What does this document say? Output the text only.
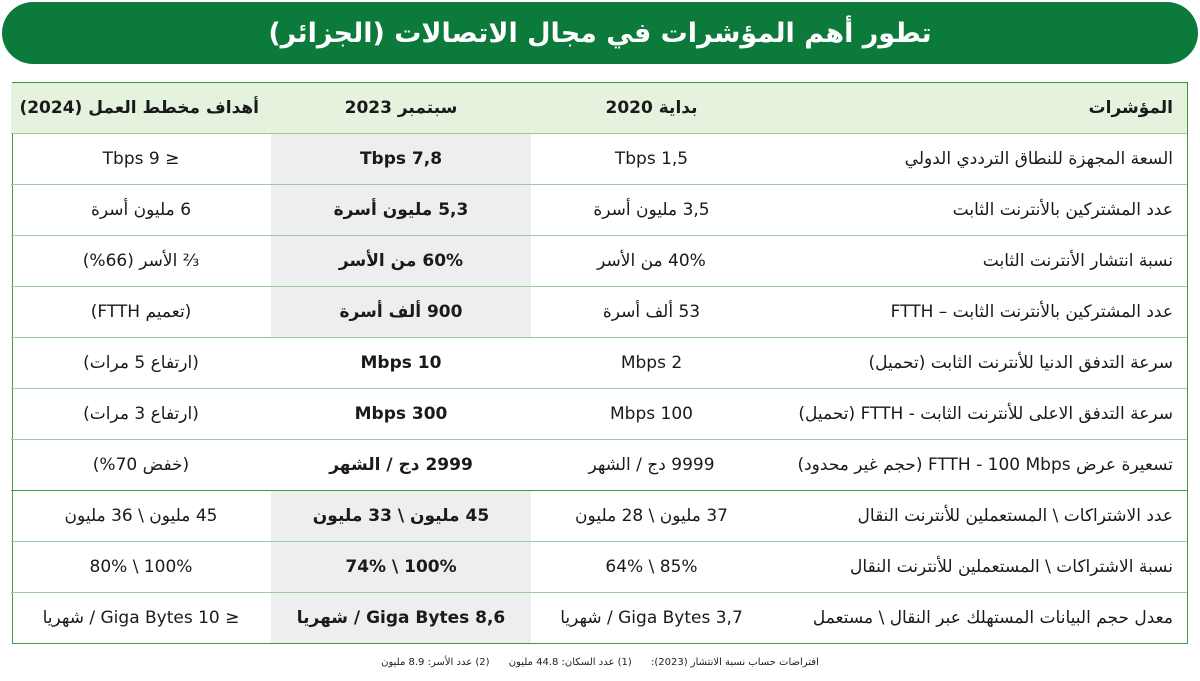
تطور أهم المؤشرات في مجال الاتصالات (الجزائر)
المؤشرات	بداية 2020	سبتمبر 2023	أهداف مخطط العمل (2024)
السعة المجهزة للنطاق الترددي الدولي	Tbps 1,5	Tbps 7,8	≤ Tbps 9
عدد المشتركين بالأنترنت الثابت	3,5 مليون أسرة	5,3 مليون أسرة	6 مليون أسرة
نسبة انتشار الأنترنت الثابت	40% من الأسر	60% من الأسر	⅔ الأسر (66%)
عدد المشتركين بالأنترنت الثابت – FTTH	53 ألف أسرة	900 ألف أسرة	(تعميم FTTH)
سرعة التدفق الدنيا للأنترنت الثابت (تحميل)	Mbps 2	Mbps 10	(ارتفاع 5 مرات)
سرعة التدفق الاعلى للأنترنت الثابت - FTTH (تحميل)	Mbps 100	Mbps 300	(ارتفاع 3 مرات)
تسعيرة عرض FTTH - 100 Mbps (حجم غير محدود)	9999 دج / الشهر	2999 دج / الشهر	(خفض 70%)
عدد الاشتراكات \ المستعملين للأنترنت النقال	37 مليون \ 28 مليون	45 مليون \ 33 مليون	45 مليون \ 36 مليون
نسبة الاشتراكات \ المستعملين للأنترنت النقال	85% \ 64%	100% \ 74%	100% \ 80%
معدل حجم البيانات المستهلك عبر النقال \ مستعمل	Giga Bytes 3,7 / شهريا	Giga Bytes 8,6 / شهريا	≤ Giga Bytes 10 / شهريا
افتراضات حساب نسبة الانتشار (2023): (1) عدد السكان: 44.8 مليون (2) عدد الأسر: 8.9 مليون
